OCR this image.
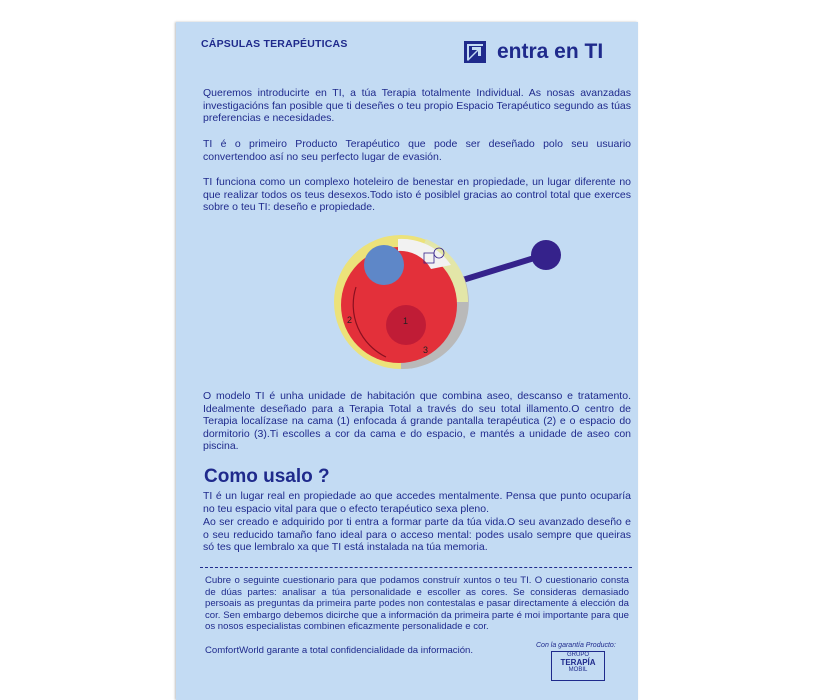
CÁPSULAS TERAPÉUTICAS	entra en TI
Queremos introducirte en TI, a túa Terapia totalmente Individual. As nosas avanzadas investigacións fan posible que ti deseñes o teu propio Espacio Terapéutico segundo as túas preferencias e necesidades.
TI é o primeiro Producto Terapéutico que pode ser deseñado polo seu usuario convertendoo así no seu perfecto lugar de evasión.
TI funciona como un complexo hoteleiro de benestar en propiedade, un lugar diferente no que realizar todos os teus desexos.Todo isto é posiblel gracias ao control total que exerces sobre o teu TI: deseño e propiedade.
1
2
3
O modelo TI é unha unidade de habitación que combina aseo, descanso e tratamento. Idealmente deseñado para a Terapia Total a través do seu total illamento.O centro de Terapia localízase na cama (1) enfocada á grande pantalla terapéutica (2) e o espacio do dormitorio (3).Ti escolles a cor da cama e do espacio, e mantés a unidade de aseo con piscina.
Como usalo ?
TI é un lugar real en propiedade ao que accedes mentalmente. Pensa que punto ocuparía no teu espacio vital para que o efecto terapéutico sexa pleno.
Ao ser creado e adquirido por ti entra a formar parte da túa vida.O seu avanzado deseño e o seu reducido tamaño fano ideal para o acceso mental: podes usalo sempre que queiras só tes que lembralo xa que TI está instalada na túa memoria.
Cubre o seguinte cuestionario para que podamos construír xuntos o teu TI. O cuestionario consta de dúas partes: analisar a túa personalidade e escoller as cores. Se consideras demasiado persoais as preguntas da primeira parte podes non contestalas e pasar directamente á elección da cor. Sen embargo debemos dicirche que a información da primeira parte é moi importante para que os nosos especialistas combinen eficazmente personalidade e cor.
ComfortWorld garante a total confidencialidade da información.	Con la garantía Producto:
GRUPO
TERAPÍA
MOBIL
